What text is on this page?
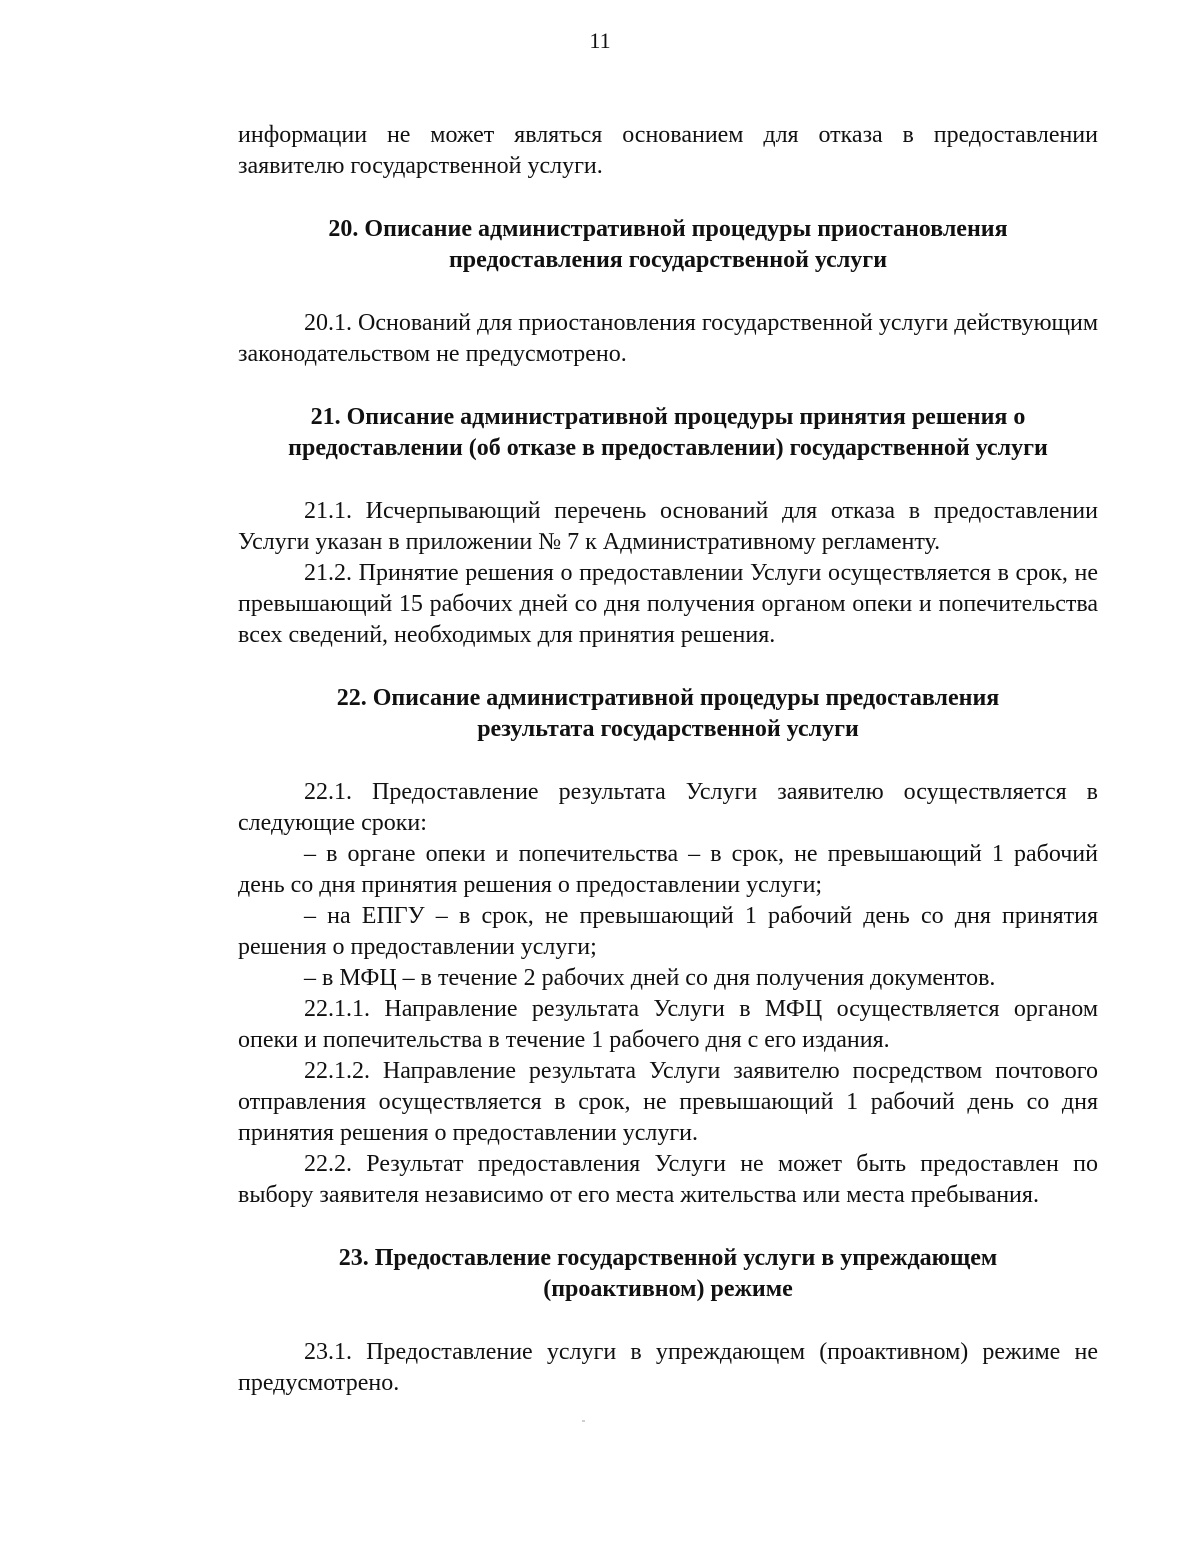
11

информации не может являться основанием для отказа в предоставлении заявителю государственной услуги.

20. Описание административной процедуры приостановления
предоставления государственной услуги

20.1. Оснований для приостановления государственной услуги действующим законодательством не предусмотрено.

21. Описание административной процедуры принятия решения о
предоставлении (об отказе в предоставлении) государственной услуги

21.1. Исчерпывающий перечень оснований для отказа в предоставлении Услуги указан в приложении № 7 к Административному регламенту.

21.2. Принятие решения о предоставлении Услуги осуществляется в срок, не превышающий 15 рабочих дней со дня получения органом опеки и попечительства всех сведений, необходимых для принятия решения.

22. Описание административной процедуры предоставления
результата государственной услуги

22.1. Предоставление результата Услуги заявителю осуществляется в следующие сроки:

– в органе опеки и попечительства – в срок, не превышающий 1 рабочий день со дня принятия решения о предоставлении услуги;

– на ЕПГУ – в срок, не превышающий 1 рабочий день со дня принятия решения о предоставлении услуги;

– в МФЦ – в течение 2 рабочих дней со дня получения документов.

22.1.1. Направление результата Услуги в МФЦ осуществляется органом опеки и попечительства в течение 1 рабочего дня с его издания.

22.1.2. Направление результата Услуги заявителю посредством почтового отправления осуществляется в срок, не превышающий 1 рабочий день со дня принятия решения о предоставлении услуги.

22.2. Результат предоставления Услуги не может быть предоставлен по выбору заявителя независимо от его места жительства или места пребывания.

23. Предоставление государственной услуги в упреждающем
(проактивном) режиме

23.1. Предоставление услуги в упреждающем (проактивном) режиме не предусмотрено.
